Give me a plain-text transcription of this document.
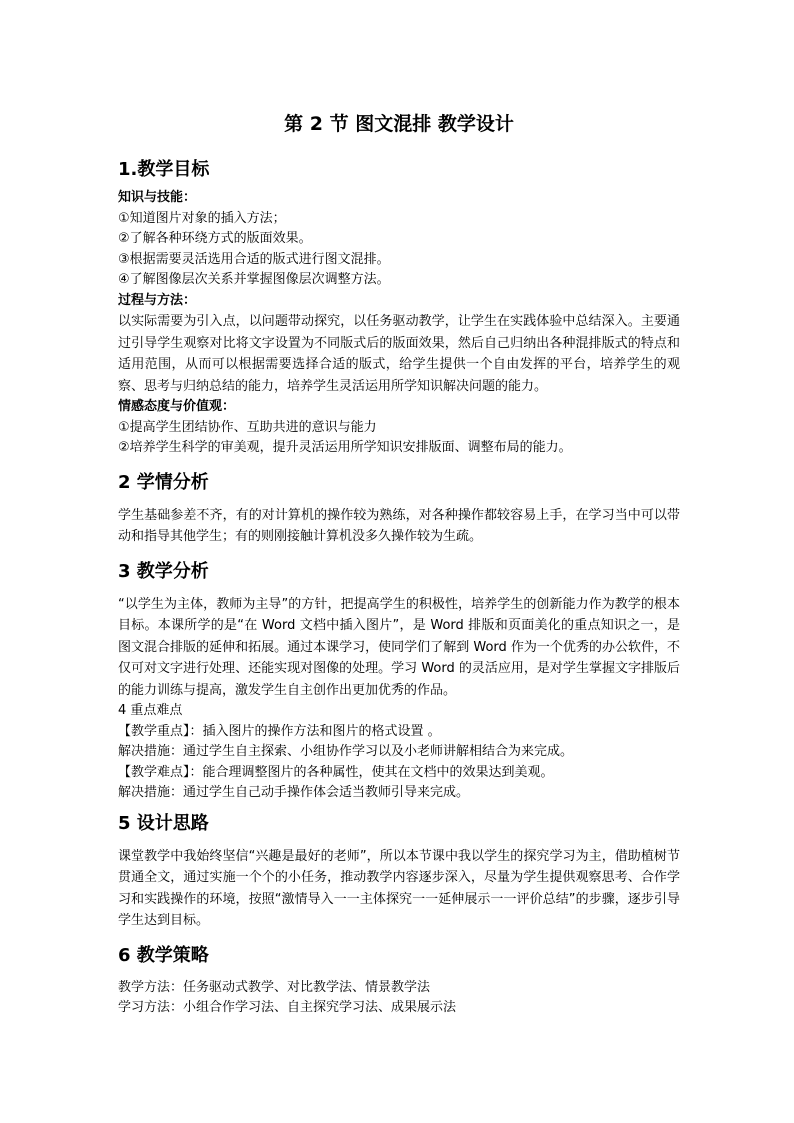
第 2 节 图文混排 教学设计
1.教学目标
知识与技能：
①知道图片对象的插入方法；
②了解各种环绕方式的版面效果。
③根据需要灵活选用合适的版式进行图文混排。
④了解图像层次关系并掌握图像层次调整方法。
过程与方法：

以实际需要为引入点，以问题带动探究，以任务驱动教学，让学生在实践体验中总结深入。主要通过引导学生观察对比将文字设置为不同版式后的版面效果，然后自己归纳出各种混排版式的特点和适用范围，从而可以根据需要选择合适的版式，给学生提供一个自由发挥的平台，培养学生的观察、思考与归纳总结的能力，培养学生灵活运用所学知识解决问题的能力。

情感态度与价值观：
①提高学生团结协作、互助共进的意识与能力
②培养学生科学的审美观，提升灵活运用所学知识安排版面、调整布局的能力。
2 学情分析

学生基础参差不齐，有的对计算机的操作较为熟练，对各种操作都较容易上手，在学习当中可以带动和指导其他学生；有的则刚接触计算机没多久操作较为生疏。

3 教学分析

“以学生为主体，教师为主导”的方针，把提高学生的积极性，培养学生的创新能力作为教学的根本目标。本课所学的是“在 Word 文档中插入图片”，是 Word 排版和页面美化的重点知识之一，是图文混合排版的延伸和拓展。通过本课学习，使同学们了解到 Word 作为一个优秀的办公软件，不仅可对文字进行处理、还能实现对图像的处理。学习 Word 的灵活应用，是对学生掌握文字排版后的能力训练与提高，激发学生自主创作出更加优秀的作品。

4 重点难点
【教学重点】：插入图片的操作方法和图片的格式设置 。
解决措施：通过学生自主探索、小组协作学习以及小老师讲解相结合为来完成。
【教学难点】：能合理调整图片的各种属性，使其在文档中的效果达到美观。
解决措施：通过学生自己动手操作体会适当教师引导来完成。
5 设计思路

课堂教学中我始终坚信“兴趣是最好的老师”，所以本节课中我以学生的探究学习为主，借助植树节贯通全文，通过实施一个个的小任务，推动教学内容逐步深入，尽量为学生提供观察思考、合作学习和实践操作的环境，按照“激情导入一一主体探究一一延伸展示一一评价总结”的步骤，逐步引导学生达到目标。

6 教学策略
教学方法：任务驱动式教学、对比教学法、情景教学法
学习方法：小组合作学习法、自主探究学习法、成果展示法
